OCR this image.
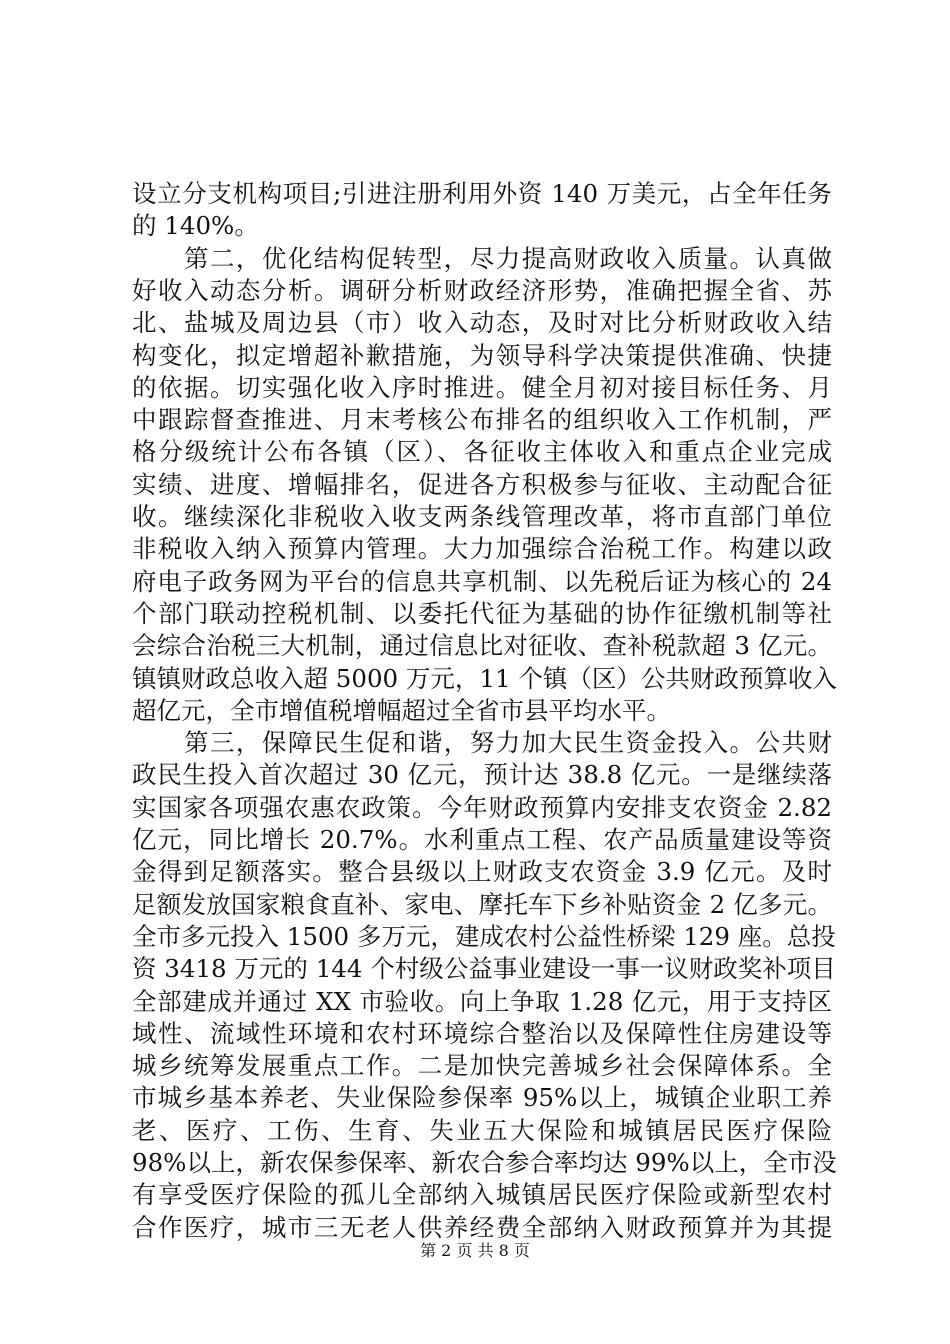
设立分支机构项目;引进注册利用外资 140 万美元，占全年任务
的 140%。
　　第二，优化结构促转型，尽力提高财政收入质量。认真做
好收入动态分析。调研分析财政经济形势，准确把握全省、苏
北、盐城及周边县（市）收入动态，及时对比分析财政收入结
构变化，拟定增超补歉措施，为领导科学决策提供准确、快捷
的依据。切实强化收入序时推进。健全月初对接目标任务、月
中跟踪督查推进、月末考核公布排名的组织收入工作机制，严
格分级统计公布各镇（区）、各征收主体收入和重点企业完成
实绩、进度、增幅排名，促进各方积极参与征收、主动配合征
收。继续深化非税收入收支两条线管理改革，将市直部门单位
非税收入纳入预算内管理。大力加强综合治税工作。构建以政
府电子政务网为平台的信息共享机制、以先税后证为核心的 24
个部门联动控税机制、以委托代征为基础的协作征缴机制等社
会综合治税三大机制，通过信息比对征收、查补税款超 3 亿元。
镇镇财政总收入超 5000 万元，11 个镇（区）公共财政预算收入
超亿元，全市增值税增幅超过全省市县平均水平。
　　第三，保障民生促和谐，努力加大民生资金投入。公共财
政民生投入首次超过 30 亿元，预计达 38.8 亿元。一是继续落
实国家各项强农惠农政策。今年财政预算内安排支农资金 2.82
亿元，同比增长 20.7%。水利重点工程、农产品质量建设等资
金得到足额落实。整合县级以上财政支农资金 3.9 亿元。及时
足额发放国家粮食直补、家电、摩托车下乡补贴资金 2 亿多元。
全市多元投入 1500 多万元，建成农村公益性桥梁 129 座。总投
资 3418 万元的 144 个村级公益事业建设一事一议财政奖补项目
全部建成并通过 XX 市验收。向上争取 1.28 亿元，用于支持区
域性、流域性环境和农村环境综合整治以及保障性住房建设等
城乡统筹发展重点工作。二是加快完善城乡社会保障体系。全
市城乡基本养老、失业保险参保率 95%以上，城镇企业职工养
老、医疗、工伤、生育、失业五大保险和城镇居民医疗保险
98%以上，新农保参保率、新农合参合率均达 99%以上，全市没
有享受医疗保险的孤儿全部纳入城镇居民医疗保险或新型农村
合作医疗，城市三无老人供养经费全部纳入财政预算并为其提
第 2 页 共 8 页
